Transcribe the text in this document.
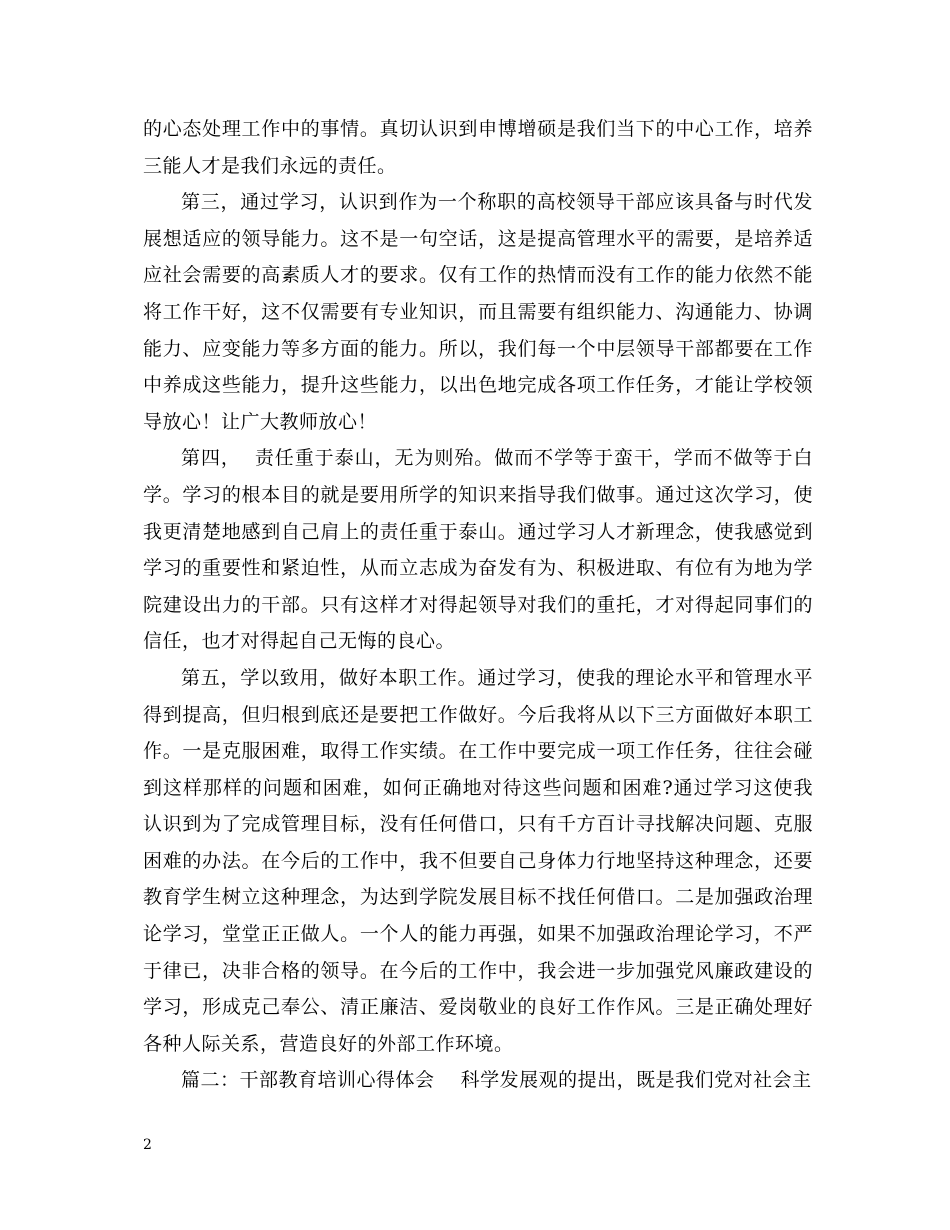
的心态处理工作中的事情。真切认识到申博增硕是我们当下的中心工作，培养三能人才是我们永远的责任。

第三，通过学习，认识到作为一个称职的高校领导干部应该具备与时代发展想适应的领导能力。这不是一句空话，这是提高管理水平的需要，是培养适应社会需要的高素质人才的要求。仅有工作的热情而没有工作的能力依然不能将工作干好，这不仅需要有专业知识，而且需要有组织能力、沟通能力、协调能力、应变能力等多方面的能力。所以，我们每一个中层领导干部都要在工作中养成这些能力，提升这些能力，以出色地完成各项工作任务，才能让学校领导放心！让广大教师放心！

第四，  责任重于泰山，无为则殆。做而不学等于蛮干，学而不做等于白学。学习的根本目的就是要用所学的知识来指导我们做事。通过这次学习，使我更清楚地感到自己肩上的责任重于泰山。通过学习人才新理念，使我感觉到学习的重要性和紧迫性，从而立志成为奋发有为、积极进取、有位有为地为学院建设出力的干部。只有这样才对得起领导对我们的重托，才对得起同事们的信任，也才对得起自己无悔的良心。

第五，学以致用，做好本职工作。通过学习，使我的理论水平和管理水平得到提高，但归根到底还是要把工作做好。今后我将从以下三方面做好本职工作。一是克服困难，取得工作实绩。在工作中要完成一项工作任务，往往会碰到这样那样的问题和困难，如何正确地对待这些问题和困难?通过学习这使我认识到为了完成管理目标，没有任何借口，只有千方百计寻找解决问题、克服困难的办法。在今后的工作中，我不但要自己身体力行地坚持这种理念，还要教育学生树立这种理念，为达到学院发展目标不找任何借口。二是加强政治理论学习，堂堂正正做人。一个人的能力再强，如果不加强政治理论学习，不严于律已，决非合格的领导。在今后的工作中，我会进一步加强党风廉政建设的学习，形成克己奉公、清正廉洁、爱岗敬业的良好工作作风。三是正确处理好各种人际关系，营造良好的外部工作环境。

篇二：干部教育培训心得体会    科学发展观的提出，既是我们党对社会主

2
